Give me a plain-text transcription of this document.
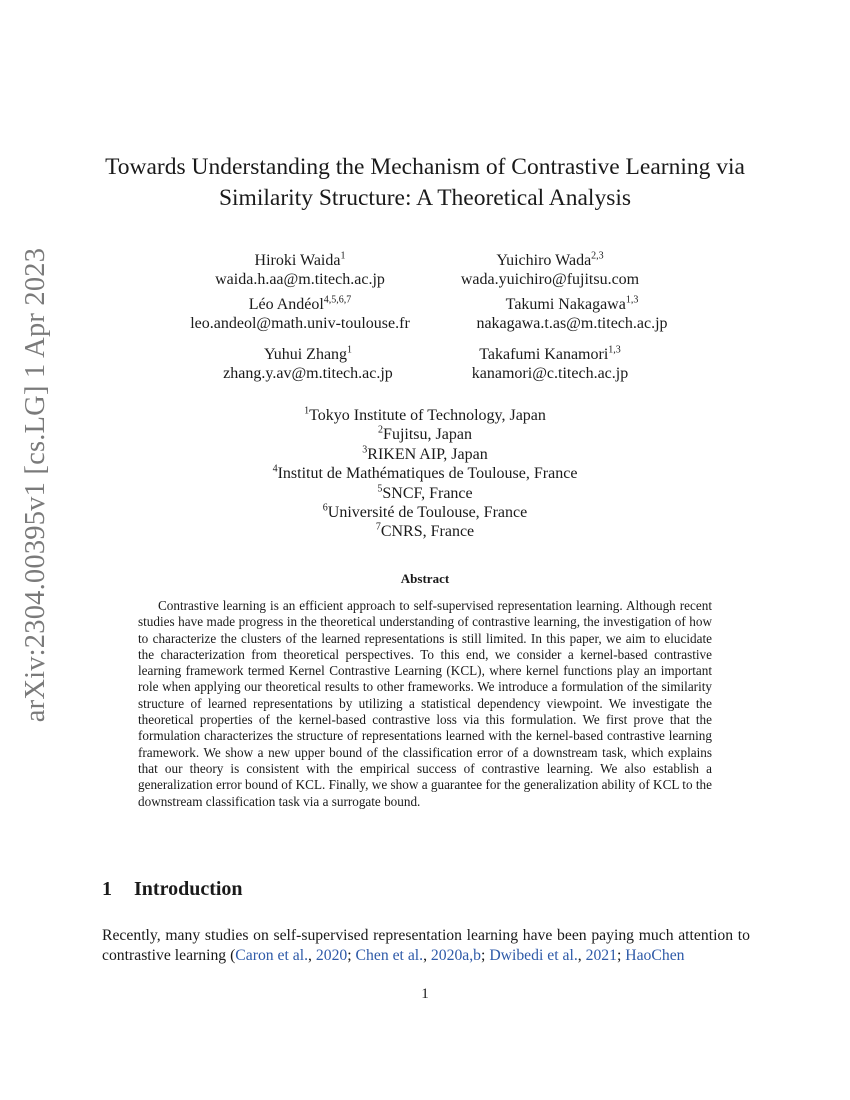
arXiv:2304.00395v1 [cs.LG] 1 Apr 2023
Towards Understanding the Mechanism of Contrastive Learning via
Similarity Structure: A Theoretical Analysis
Hiroki Waida$^1$
waida.h.aa@m.titech.ac.jp
Yuichiro Wada$^{2,3}$
wada.yuichiro@fujitsu.com
Léo Andéol$^{4,5,6,7}$
leo.andeol@math.univ-toulouse.fr
Takumi Nakagawa$^{1,3}$
nakagawa.t.as@m.titech.ac.jp
Yuhui Zhang$^1$
zhang.y.av@m.titech.ac.jp
Takafumi Kanamori$^{1,3}$
kanamori@c.titech.ac.jp
$^1$Tokyo Institute of Technology, Japan
$^2$Fujitsu, Japan
$^3$RIKEN AIP, Japan
$^4$Institut de Mathématiques de Toulouse, France
$^5$SNCF, France
$^6$Université de Toulouse, France
$^7$CNRS, France
Abstract

Contrastive learning is an efficient approach to self-supervised representation learning. Although recent studies have made progress in the theoretical understanding of contrastive learning, the investigation of how to characterize the clusters of the learned representations is still limited. In this paper, we aim to elucidate the characterization from theoretical perspectives. To this end, we consider a kernel-based contrastive learning framework termed Kernel Contrastive Learning (KCL), where kernel functions play an important role when applying our theoretical results to other frameworks. We introduce a formulation of the similarity structure of learned representations by utilizing a statistical dependency viewpoint. We investigate the theoretical properties of the kernel-based contrastive loss via this formulation. We first prove that the formulation characterizes the structure of representations learned with the kernel-based contrastive learning framework. We show a new upper bound of the classification error of a downstream task, which explains that our theory is consistent with the empirical success of contrastive learning. We also establish a generalization error bound of KCL. Finally, we show a guarantee for the generalization ability of KCL to the downstream classification task via a surrogate bound.

1 Introduction

Recently, many studies on self-supervised representation learning have been paying much attention to contrastive learning (Caron et al., 2020; Chen et al., 2020a,b; Dwibedi et al., 2021; HaoChen

1
